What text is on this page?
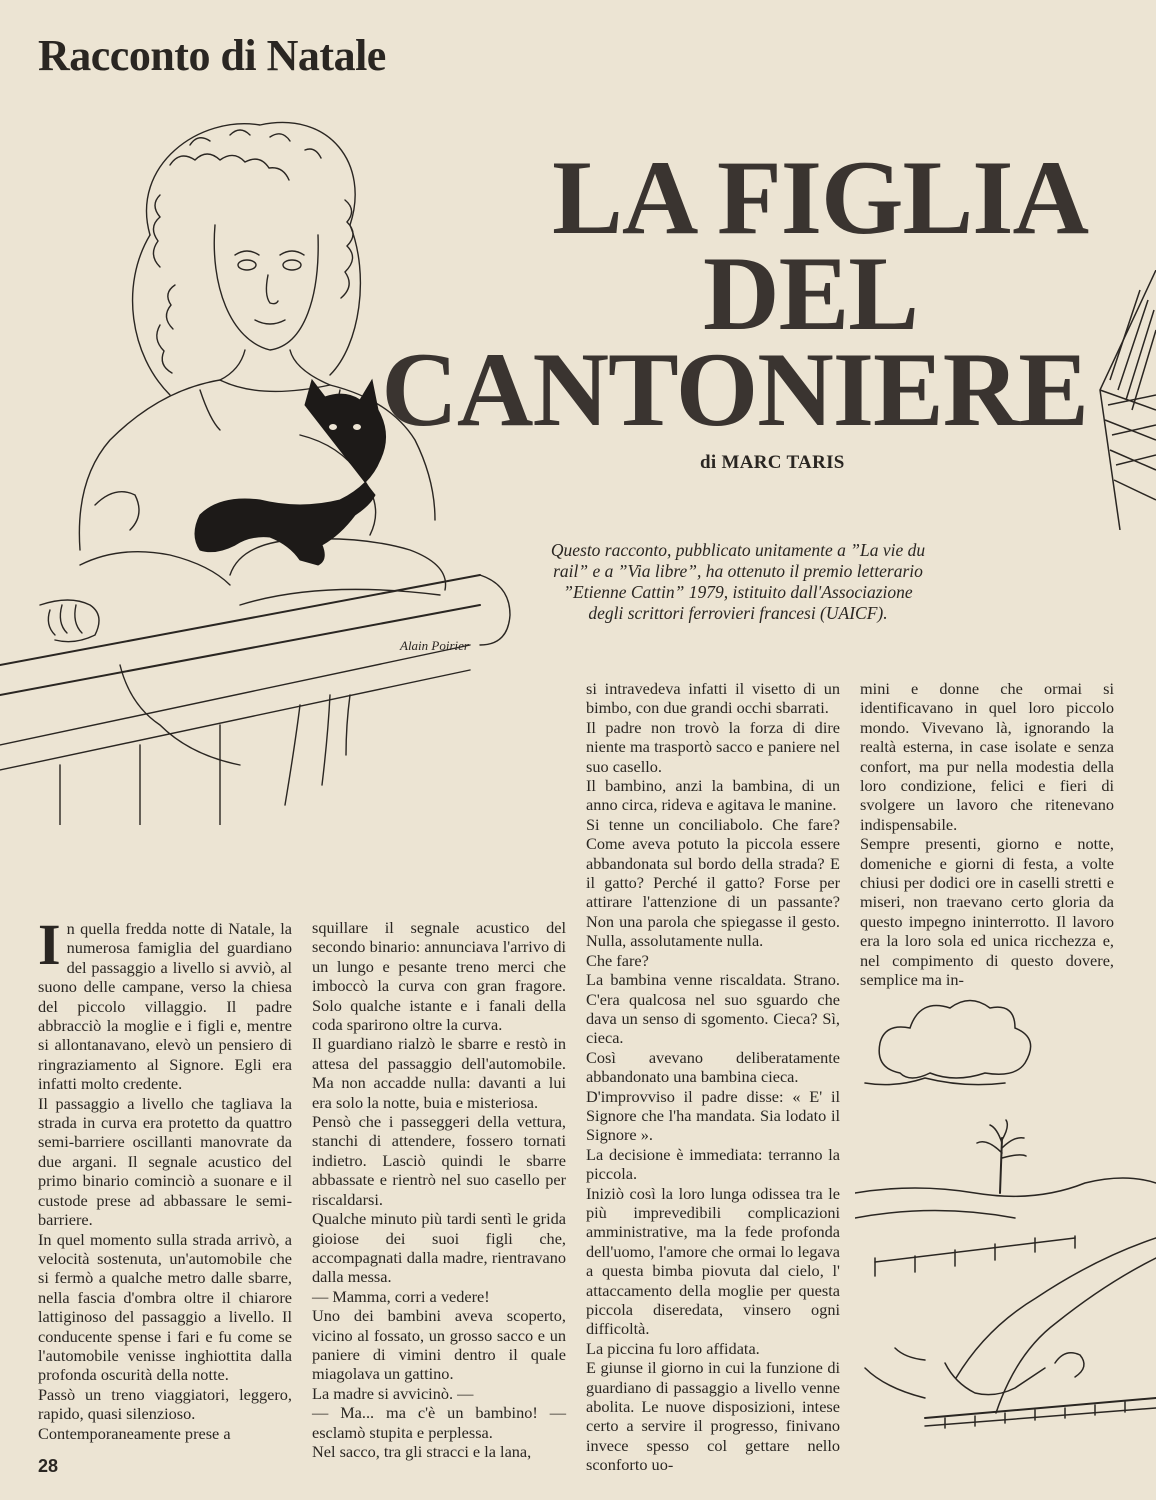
Racconto di Natale
Alain Poirier
LA FIGLIA
DEL
CANTONIERE
di MARC TARIS
Questo racconto, pubblicato unitamente a ”La vie du rail” e a ”Via libre”, ha ottenuto il premio letterario ”Etienne Cattin” 1979, istituito dall'Associazione degli scrittori ferrovieri francesi (UAICF).
I n quella fredda notte di Natale, la numerosa famiglia del guardiano del passaggio a livello si avviò, al suono delle campane, verso la chiesa del piccolo villaggio. Il padre abbracciò la moglie e i figli e, mentre si allontanavano, elevò un pensiero di ringraziamento al Signore. Egli era infatti molto credente.

Il passaggio a livello che tagliava la strada in curva era protetto da quattro semi-barriere oscillanti manovrate da due argani. Il segnale acustico del primo binario cominciò a suonare e il custode prese ad abbassare le semi-barriere.

In quel momento sulla strada arrivò, a velocità sostenuta, un'automobile che si fermò a qualche metro dalle sbarre, nella fascia d'ombra oltre il chiarore lattiginoso del passaggio a livello. Il conducente spense i fari e fu come se l'automobile venisse inghiottita dalla profonda oscurità della notte.

Passò un treno viaggiatori, leggero, rapido, quasi silenzioso.

Contemporaneamente prese a

squillare il segnale acustico del secondo binario: annunciava l'arrivo di un lungo e pesante treno merci che imboccò la curva con gran fragore. Solo qualche istante e i fanali della coda sparirono oltre la curva.

Il guardiano rialzò le sbarre e restò in attesa del passaggio dell'automobile. Ma non accadde nulla: davanti a lui era solo la notte, buia e misteriosa.

Pensò che i passeggeri della vettura, stanchi di attendere, fossero tornati indietro. Lasciò quindi le sbarre abbassate e rientrò nel suo casello per riscaldarsi.

Qualche minuto più tardi sentì le grida gioiose dei suoi figli che, accompagnati dalla madre, rientravano dalla messa.

— Mamma, corri a vedere!

Uno dei bambini aveva scoperto, vicino al fossato, un grosso sacco e un paniere di vimini dentro il quale miagolava un gattino.

La madre si avvicinò. —

— Ma... ma c'è un bambino! — esclamò stupita e perplessa.

Nel sacco, tra gli stracci e la lana,

si intravedeva infatti il visetto di un bimbo, con due grandi occhi sbarrati.

Il padre non trovò la forza di dire niente ma trasportò sacco e paniere nel suo casello.

Il bambino, anzi la bambina, di un anno circa, rideva e agitava le manine.

Si tenne un conciliabolo. Che fare? Come aveva potuto la piccola essere abbandonata sul bordo della strada? E il gatto? Perché il gatto? Forse per attirare l'attenzione di un passante? Non una parola che spiegasse il gesto. Nulla, assolutamente nulla.

Che fare?

La bambina venne riscaldata. Strano. C'era qualcosa nel suo sguardo che dava un senso di sgomento. Cieca? Sì, cieca.

Così avevano deliberatamente abbandonato una bambina cieca.

D'improvviso il padre disse: « E' il Signore che l'ha mandata. Sia lodato il Signore ».

La decisione è immediata: terranno la piccola.

Iniziò così la loro lunga odissea tra le più imprevedibili complicazioni amministrative, ma la fede profonda dell'uomo, l'amore che ormai lo legava a questa bimba piovuta dal cielo, l' attaccamento della moglie per questa piccola diseredata, vinsero ogni difficoltà.

La piccina fu loro affidata.

E giunse il giorno in cui la funzione di guardiano di passaggio a livello venne abolita. Le nuove disposizioni, intese certo a servire il progresso, finivano invece spesso col gettare nello sconforto uo-

mini e donne che ormai si identificavano in quel loro piccolo mondo. Vivevano là, ignorando la realtà esterna, in case isolate e senza confort, ma pur nella modestia della loro condizione, felici e fieri di svolgere un lavoro che ritenevano indispensabile.

Sempre presenti, giorno e notte, domeniche e giorni di festa, a volte chiusi per dodici ore in caselli stretti e miseri, non traevano certo gloria da questo impegno ininterrotto. Il lavoro era la loro sola ed unica ricchezza e, nel compimento di questo dovere, semplice ma in-

28
